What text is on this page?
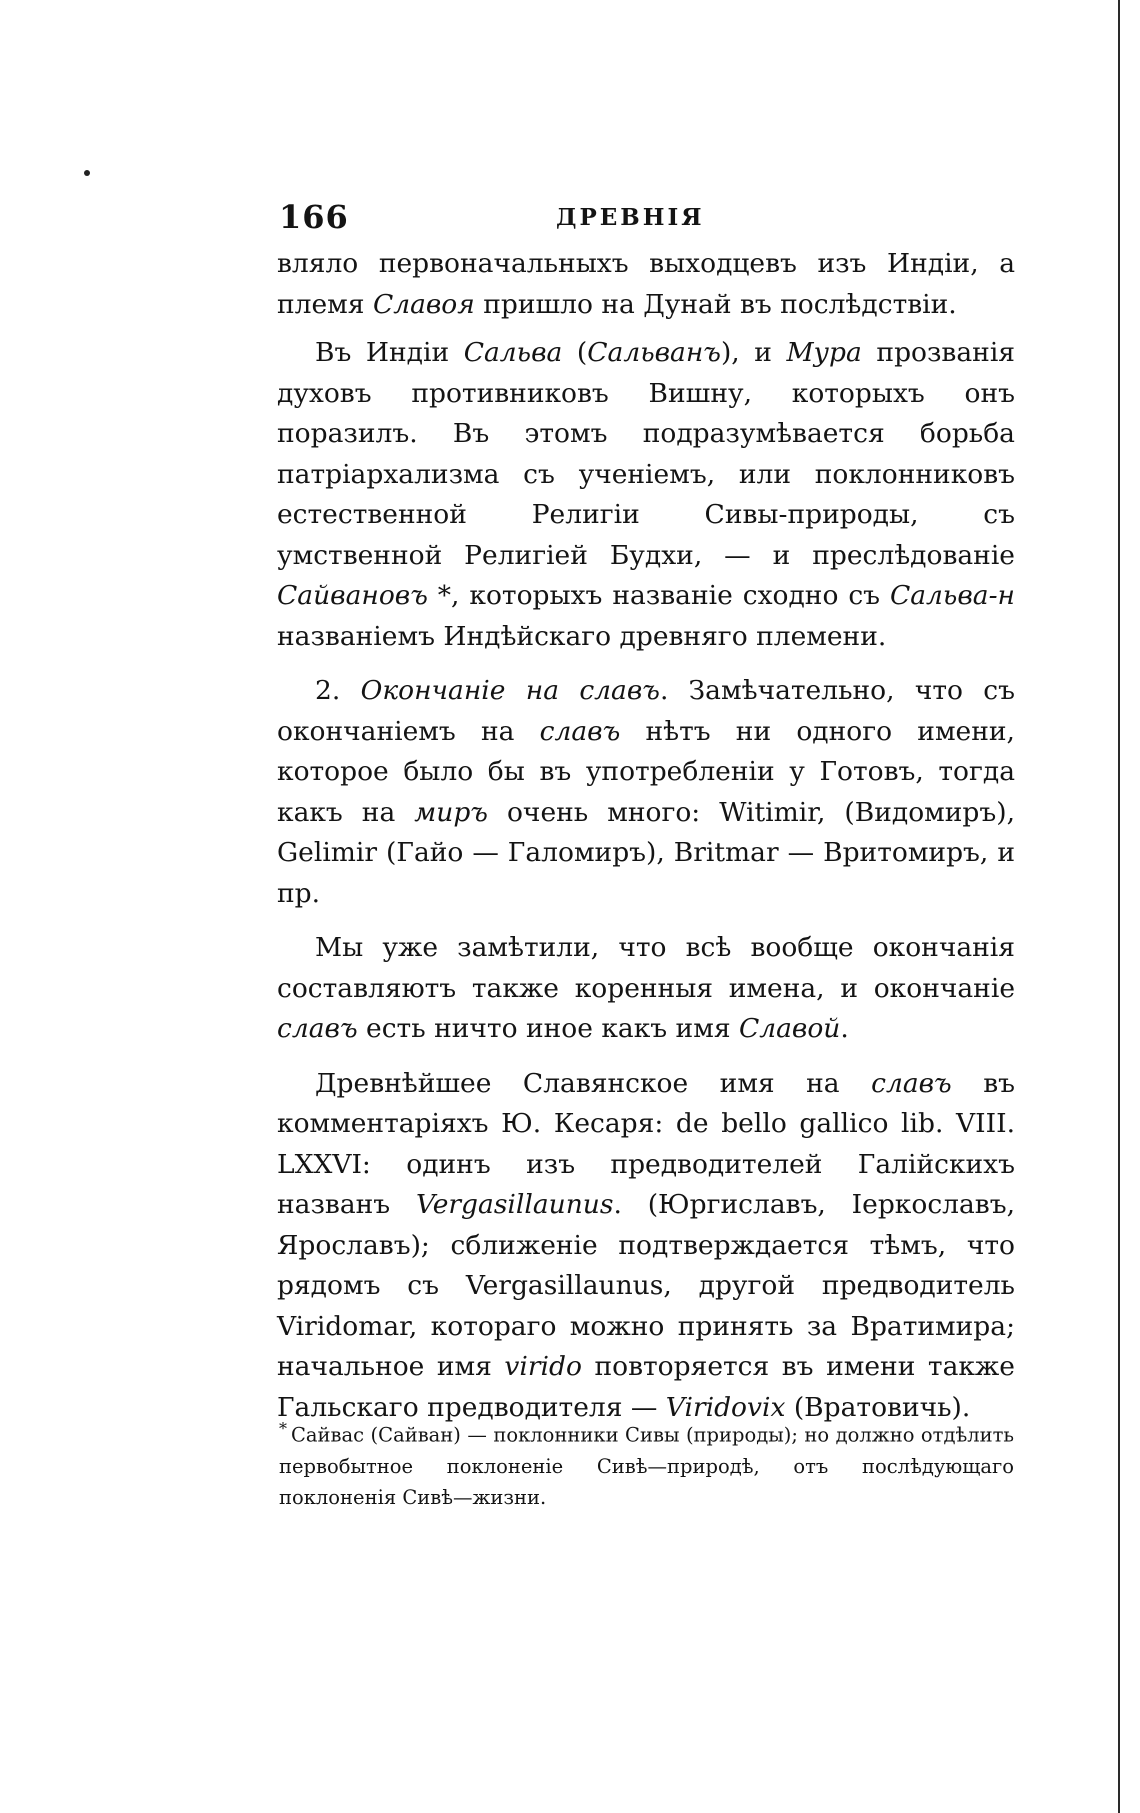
166	ДРЕВНIЯ

вляло первоначальныхъ выходцевъ изъ Индiи, а племя Славоя пришло на Дунай въ послѣдствiи.

Въ Индiи Сальва (Сальванъ), и Мура прозванiя духовъ противниковъ Вишну, которыхъ онъ поразилъ. Въ этомъ подразумѣвается борьба патрiархализма съ ученiемъ, или поклонниковъ естественной Религiи Сивы-природы, съ умственной Религiей Будхи, — и преслѣдованiе Сайвановъ *, которыхъ названiе сходно съ Сальва-н названiемъ Индѣйскаго древняго племени.

2. Окончанiе на славъ. Замѣчательно, что съ окончанiемъ на славъ нѣтъ ни одного имени, которое было бы въ употребленiи у Готовъ, тогда какъ на миръ очень много: Witimir, (Видомиръ), Gelimir (Гайо — Галомиръ), Britmar — Вритомиръ, и пр.

Мы уже замѣтили, что всѣ вообще окончанiя составляютъ также коренныя имена, и окончанiе славъ есть ничто иное какъ имя Славой.

Древнѣйшее Славянское имя на славъ въ комментарiяхъ Ю. Кесаря: de bello gallico lib. VIII. LXXVI: одинъ изъ предводителей Галiйскихъ названъ Vergasillaunus. (Юргиславъ, Iеркославъ, Ярославъ); сближенiе подтверждается тѣмъ, что рядомъ съ Vergasillaunus, другой предводитель Viridomar, котораго можно принять за Вратимира; начальное имя virido повторяется въ имени также Гальскаго предводителя — Viridovix (Вратовичь).

* Сайвас (Сайван) — поклонники Сивы (природы); но должно отдѣлить первобытное поклоненiе Сивѣ—природѣ, отъ послѣдующаго поклоненiя Сивѣ—жизни.
